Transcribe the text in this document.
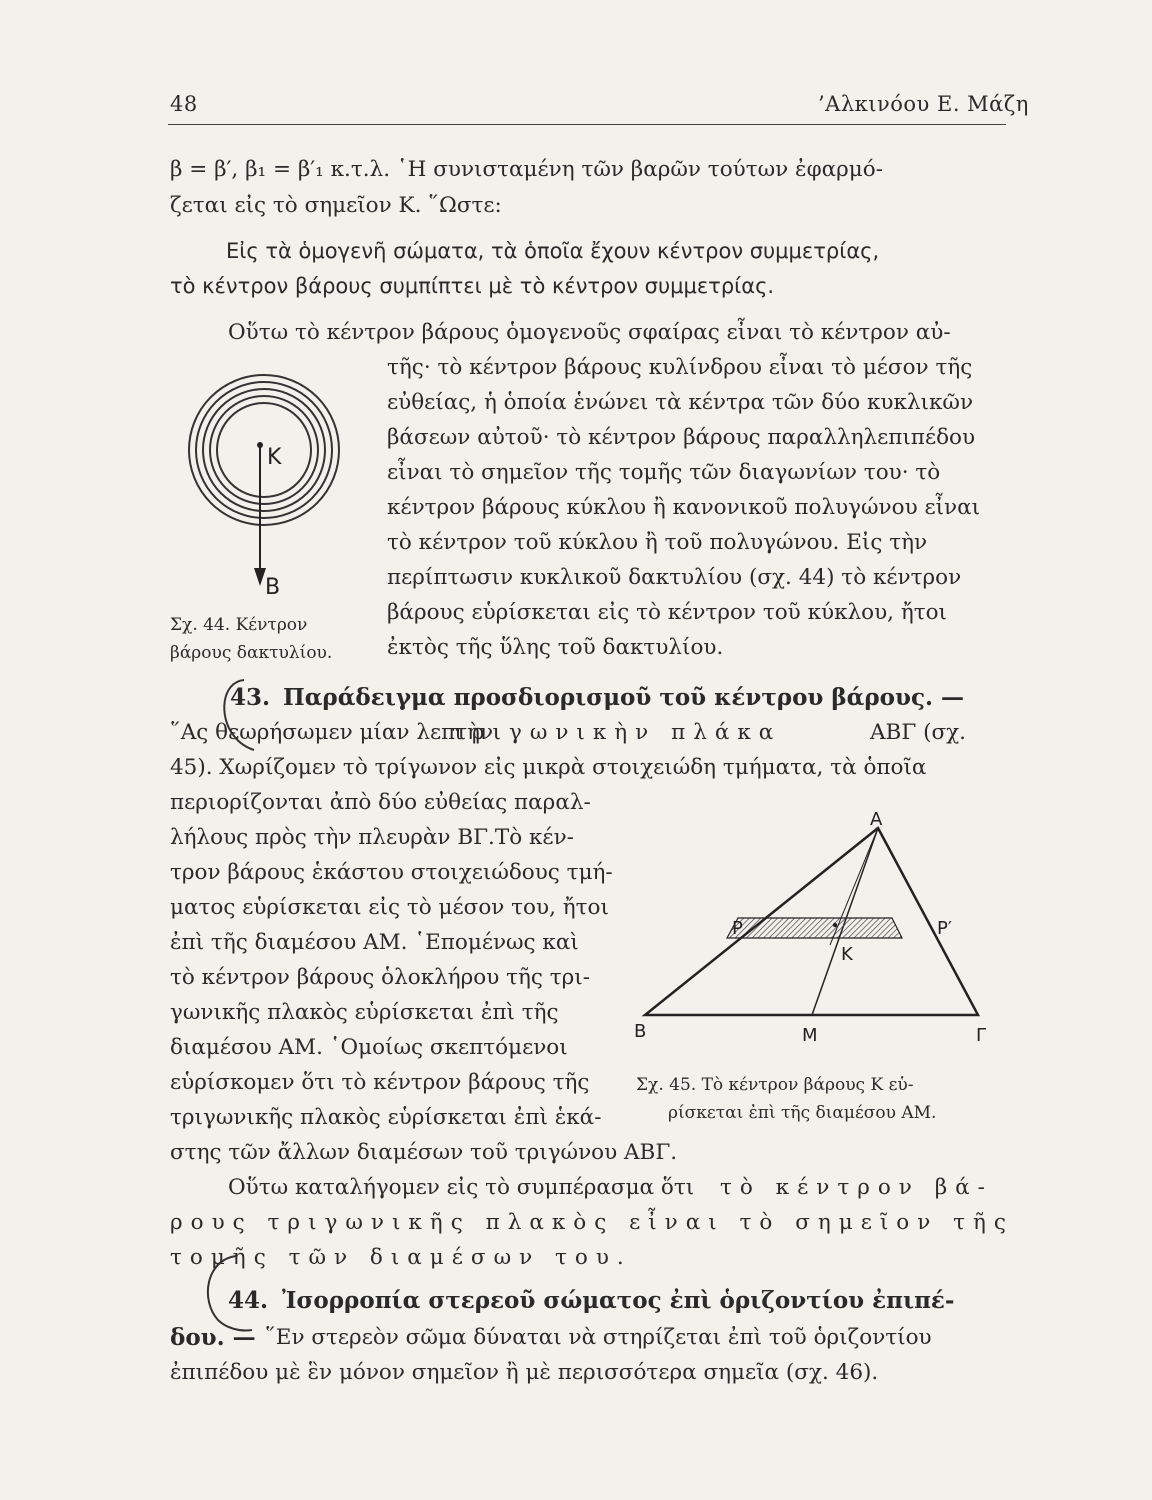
48	’Αλκινόου Ε. Μάζη
β = β′, β₁ = β′₁ κ.τ.λ. ῾Η συνισταμένη τῶν βαρῶν τούτων ἐφαρμό-
ζεται εἰς τὸ σημεῖον Κ. ῞Ωστε:
Εἰς τὰ ὁμογενῆ σώματα, τὰ ὁποῖα ἔχουν κέντρον συμμετρίας,
τὸ κέντρον βάρους συμπίπτει μὲ τὸ κέντρον συμμετρίας.
Οὕτω τὸ κέντρον βάρους ὁμογενοῦς σφαίρας εἶναι τὸ κέντρον αὐ-
τῆς· τὸ κέντρον βάρους κυλίνδρου εἶναι τὸ μέσον τῆς
εὐθείας, ἡ ὁποία ἑνώνει τὰ κέντρα τῶν δύο κυκλικῶν
βάσεων αὐτοῦ· τὸ κέντρον βάρους παραλληλεπιπέδου
εἶναι τὸ σημεῖον τῆς τομῆς τῶν διαγωνίων του· τὸ
κέντρον βάρους κύκλου ἢ κανονικοῦ πολυγώνου εἶναι
τὸ κέντρον τοῦ κύκλου ἢ τοῦ πολυγώνου. Εἰς τὴν
περίπτωσιν κυκλικοῦ δακτυλίου (σχ. 44) τὸ κέντρον
βάρους εὑρίσκεται εἰς τὸ κέντρον τοῦ κύκλου, ἤτοι
ἐκτὸς τῆς ὕλης τοῦ δακτυλίου.
K
B
Σχ. 44. Κέντρον
βάρους δακτυλίου.
43. Παράδειγμα προσδιορισμοῦ τοῦ κέντρου βάρους. —
῞Ας θεωρήσωμεν μίαν λεπτὴν
τριγωνικὴν πλάκα	ΑΒΓ (σχ.
45). Χωρίζομεν τὸ τρίγωνον εἰς μικρὰ στοιχειώδη τμήματα, τὰ ὁποῖα
περιορίζονται ἀπὸ δύο εὐθείας παραλ-
λήλους πρὸς τὴν πλευρὰν ΒΓ.Τὸ κέν-
τρον βάρους ἑκάστου στοιχειώδους τμή-
ματος εὑρίσκεται εἰς τὸ μέσον του, ἤτοι
ἐπὶ τῆς διαμέσου ΑΜ. ῾Επομένως καὶ
τὸ κέντρον βάρους ὁλοκλήρου τῆς τρι-
γωνικῆς πλακὸς εὑρίσκεται ἐπὶ τῆς
διαμέσου ΑΜ. ῾Ομοίως σκεπτόμενοι
εὑρίσκομεν ὅτι τὸ κέντρον βάρους τῆς
τριγωνικῆς πλακὸς εὑρίσκεται ἐπὶ ἑκά-
στης τῶν ἄλλων διαμέσων τοῦ τριγώνου ΑΒΓ.
A
B	Γ
M
K
P	P′
Σχ. 45. Τὸ κέντρον βάρους Κ εὑ-
ρίσκεται ἐπὶ τῆς διαμέσου ΑΜ.
Οὕτω καταλήγομεν εἰς τὸ συμπέρασμα ὅτι τὸ κέντρον βά-
ρους τριγωνικῆς πλακὸς εἶναι τὸ σημεῖον τῆς
τομῆς τῶν διαμέσων του.
44. Ἰσορροπία στερεοῦ σώματος ἐπὶ ὁριζοντίου ἐπιπέ-
δου. — ῞Εν στερεὸν σῶμα δύναται νὰ στηρίζεται ἐπὶ τοῦ ὁριζοντίου
ἐπιπέδου μὲ ἓν μόνον σημεῖον ἢ μὲ περισσότερα σημεῖα (σχ. 46).
